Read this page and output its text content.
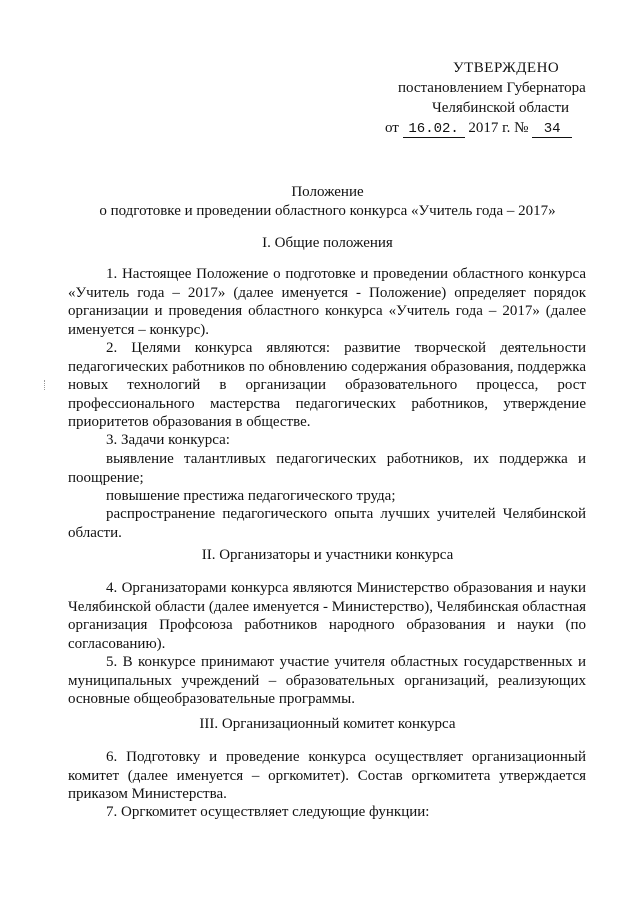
УТВЕРЖДЕНО
постановлением Губернатора
Челябинской области
от 16.02. 2017 г. № 34
Положение
о подготовке и проведении областного конкурса «Учитель года – 2017»
I. Общие положения
1. Настоящее Положение о подготовке и проведении областного конкурса «Учитель года – 2017» (далее именуется - Положение) определяет порядок организации и проведения областного конкурса «Учитель года – 2017» (далее именуется – конкурс).
2. Целями конкурса являются: развитие творческой деятельности педагогических работников по обновлению содержания образования, поддержка новых технологий в организации образовательного процесса, рост профессионального мастерства педагогических работников, утверждение приоритетов образования в обществе.
3. Задачи конкурса:
выявление талантливых педагогических работников, их поддержка и поощрение;
повышение престижа педагогического труда;
распространение педагогического опыта лучших учителей Челябинской области.
II. Организаторы и участники конкурса
4. Организаторами конкурса являются Министерство образования и науки Челябинской области (далее именуется - Министерство), Челябинская областная организация Профсоюза работников народного образования и науки (по согласованию).
5. В конкурсе принимают участие учителя областных государственных и муниципальных учреждений – образовательных организаций, реализующих основные общеобразовательные программы.
III. Организационный комитет конкурса
6. Подготовку и проведение конкурса осуществляет организационный комитет (далее именуется – оргкомитет). Состав оргкомитета утверждается приказом Министерства.
7. Оргкомитет осуществляет следующие функции:
